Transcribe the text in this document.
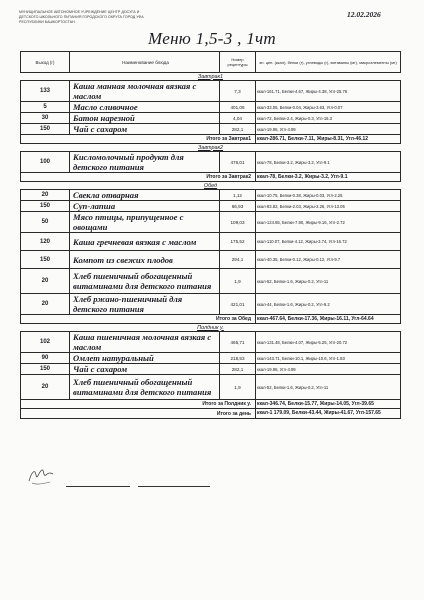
МУНИЦИПАЛЬНОЕ АВТОНОМНОЕ УЧРЕЖДЕНИЕ ЦЕНТР ДОСУГА И
ДЕТСКОГО ШКОЛЬНОГО ПИТАНИЯ ГОРОДСКОГО ОКРУГА ГОРОД УФА
РЕСПУБЛИКИ БАШКОРТОСТАН
12.02.2026
Меню 1,5-3 , 1чт
Выход (г)	Наименование блюда	Номер рецептуры	эн. цен. (ккал), белки (г), углеводы (г), витамины (мг), микроэлементы (мг)
Завтрак1			
133	Каша манная молочная вязкая с маслом	7,3	ккал-161.71, Белки-4.67, Жиры-4.38, Угл-25.76
5	Масло сливочное	401,06	ккал-33.05, Белки-0.04, Жиры-3.63, Угл-0.07
30	Батон нарезной	4,04	ккал-72, Белки-2.4, Жиры-0.3, Угл-15.3
150	Чай с сахаром	282,1	ккал-19.95, Угл-4.99
	Итого за Завтрак1		ккал-286.71, Белки-7.11, Жиры-8.31, Угл-46.12
Завтрак2			
100	Кисломолочный продукт для детского питания	476,01	ккал-78, Белки-3.2, Жиры-3.2, Угл-9.1
	Итого за Завтрак2		ккал-78, Белки-3.2, Жиры-3.2, Угл-9.1
Обед			
20	Свекла отварная	1,12	ккал-10.75, Белки-0.38, Жиры-0.03, Угл-2.25
150	Суп-лапша	66,93	ккал-83.82, Белки-2.03, Жиры-2.26, Угл-13.05
50	Мясо птицы, припущенное с овощами	109,03	ккал-124.65, Белки-7.90, Жиры-9.16, Угл-2.72
120	Каша гречневая вязкая с маслом	175,52	ккал-110.07, Белки-4.12, Жиры-3.74, Угл-16.72
150	Компот из свежих плодов	294,1	ккал-40.35, Белки-0.12, Жиры-0.12, Угл-9.7
20	Хлеб пшеничный обогащенный витаминами для детского питания	1,9	ккал-52, Белки-1.6, Жиры-0.2, Угл-11
20	Хлеб ржано-пшеничный для детского питания	421,01	ккал-44, Белки-1.6, Жиры-0.2, Угл-9.2
	Итого за Обед		ккал-467.64, Белки-17.36, Жиры-16.11, Угл-64.64
Полдник у.			
102	Каша пшеничная молочная вязкая с маслом	465,71	ккал-131.48, Белки-4.07, Жиры-5.25, Угл-20.72
90	Омлет натуральный	218,53	ккал-143.71, Белки-10.1, Жиры-10.6, Угл-1.83
150	Чай с сахаром	282,1	ккал-19.95, Угл-4.99
20	Хлеб пшеничный обогащенный витаминами для детского питания	1,9	ккал-52, Белки-1.6, Жиры-0.2, Угл-11
	Итого за Полдник у.		ккал-346.74, Белки-15.77, Жиры-14.05, Угл-39.65
	Итого за день		ккал-1 179.09, Белки-43.44, Жиры-41.67, Угл-157.65
